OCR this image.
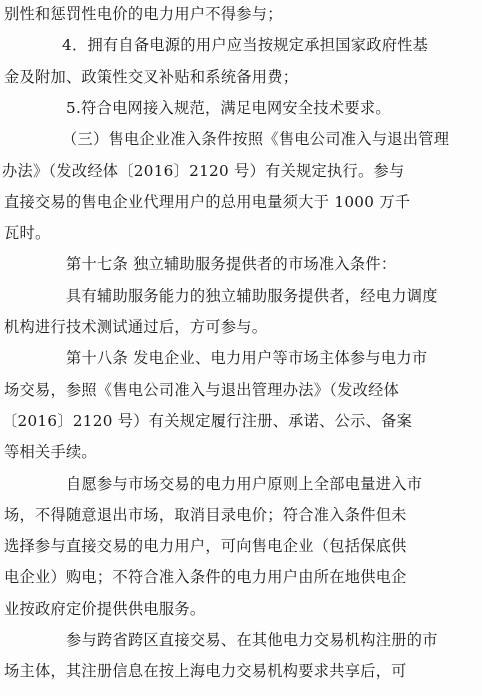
别性和惩罚性电价的电力用户不得参与；
4．拥有自备电源的用户应当按规定承担国家政府性基
金及附加、政策性交叉补贴和系统备用费；
5.符合电网接入规范，满足电网安全技术要求。
（三）售电企业准入条件按照《售电公司准入与退出管理
办法》（发改经体〔2016〕2120 号）有关规定执行。参与
直接交易的售电企业代理用户的总用电量须大于 1000 万千
瓦时。
第十七条 独立辅助服务提供者的市场准入条件：
具有辅助服务能力的独立辅助服务提供者，经电力调度
机构进行技术测试通过后，方可参与。
第十八条 发电企业、电力用户等市场主体参与电力市
场交易，参照《售电公司准入与退出管理办法》（发改经体
〔2016〕2120 号）有关规定履行注册、承诺、公示、备案
等相关手续。
自愿参与市场交易的电力用户原则上全部电量进入市
场，不得随意退出市场，取消目录电价；符合准入条件但未
选择参与直接交易的电力用户，可向售电企业（包括保底供
电企业）购电；不符合准入条件的电力用户由所在地供电企
业按政府定价提供供电服务。
参与跨省跨区直接交易、在其他电力交易机构注册的市
场主体，其注册信息在按上海电力交易机构要求共享后，可
